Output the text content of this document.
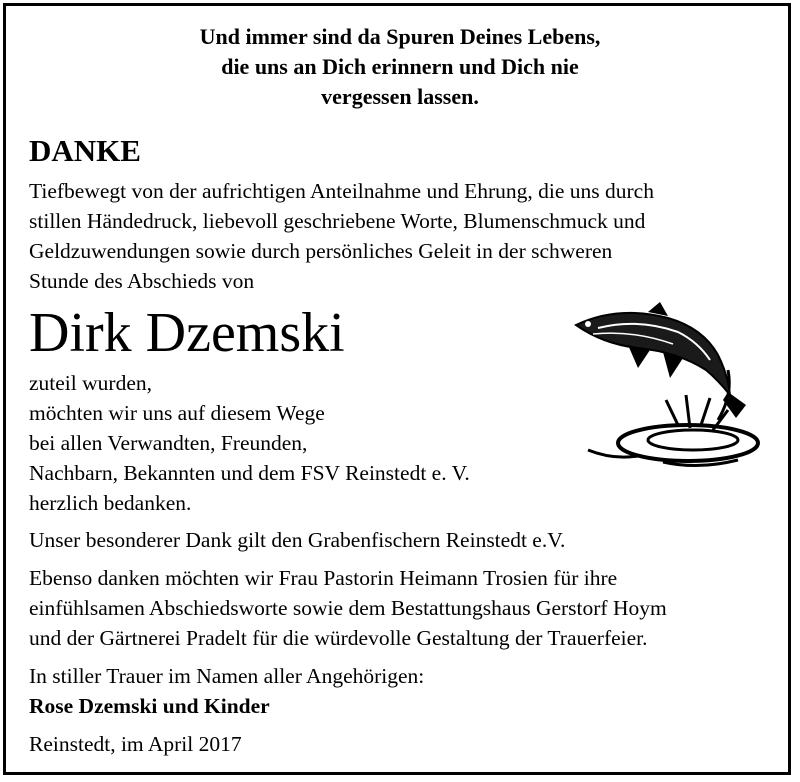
Und immer sind da Spuren Deines Lebens,
die uns an Dich erinnern und Dich nie
vergessen lassen.
DANKE
Tiefbewegt von der aufrichtigen Anteilnahme und Ehrung, die uns durch
stillen Händedruck, liebevoll geschriebene Worte, Blumenschmuck und
Geldzuwendungen sowie durch persönliches Geleit in der schweren
Stunde des Abschieds von
Dirk Dzemski
zuteil wurden,
möchten wir uns auf diesem Wege
bei allen Verwandten, Freunden,
Nachbarn, Bekannten und dem FSV Reinstedt e. V.
herzlich bedanken.
Unser besonderer Dank gilt den Grabenfischern Reinstedt e.V.
Ebenso danken möchten wir Frau Pastorin Heimann Trosien für ihre
einfühlsamen Abschiedsworte sowie dem Bestattungshaus Gerstorf Hoym
und der Gärtnerei Pradelt für die würdevolle Gestaltung der Trauerfeier.
In stiller Trauer im Namen aller Angehörigen:
Rose Dzemski und Kinder
Reinstedt, im April 2017
